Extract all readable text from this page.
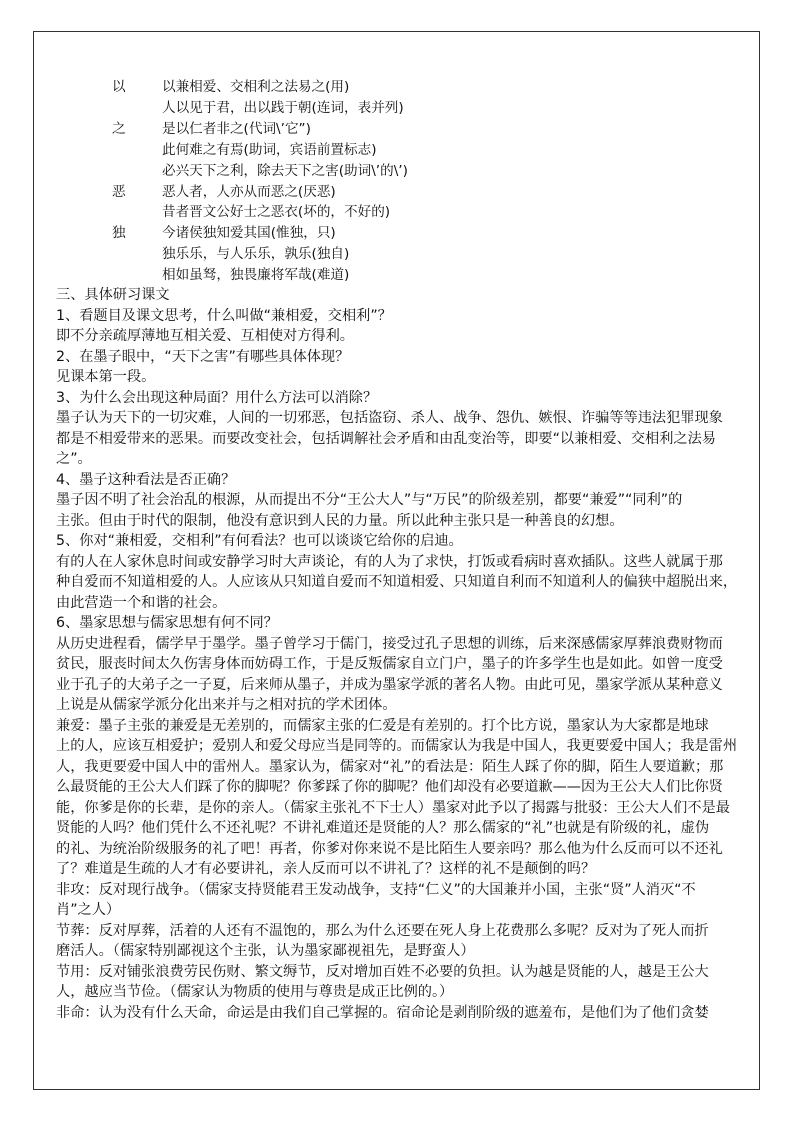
以	以兼相爱、交相利之法易之(用)
人以见于君，出以践于朝(连词，表并列)
之	是以仁者非之(代词\’它”)
此何难之有焉(助词，宾语前置标志)
必兴天下之利，除去天下之害(助词\’的\’)
恶	恶人者，人亦从而恶之(厌恶)
昔者晋文公好士之恶衣(坏的，不好的)
独	今诸侯独知爱其国(惟独，只)
独乐乐，与人乐乐，孰乐(独自)
相如虽驽，独畏廉将军哉(难道)
三、具体研习课文
1、看题目及课文思考，什么叫做“兼相爱，交相利”？
即不分亲疏厚薄地互相关爱、互相使对方得利。
2、在墨子眼中，“天下之害”有哪些具体体现？
见课本第一段。
3、为什么会出现这种局面？用什么方法可以消除？
墨子认为天下的一切灾难，人间的一切邪恶，包括盗窃、杀人、战争、怨仇、嫉恨、诈骗等等违法犯罪现象
都是不相爱带来的恶果。而要改变社会，包括调解社会矛盾和由乱变治等，即要“以兼相爱、交相利之法易
之”。
4、墨子这种看法是否正确？
墨子因不明了社会治乱的根源，从而提出不分“王公大人”与“万民”的阶级差别，都要“兼爱”“同利”的
主张。但由于时代的限制，他没有意识到人民的力量。所以此种主张只是一种善良的幻想。
5、你对“兼相爱，交相利”有何看法？也可以谈谈它给你的启迪。
有的人在人家休息时间或安静学习时大声谈论，有的人为了求快，打饭或看病时喜欢插队。这些人就属于那
种自爱而不知道相爱的人。人应该从只知道自爱而不知道相爱、只知道自利而不知道利人的偏狭中超脱出来，
由此营造一个和谐的社会。
6、墨家思想与儒家思想有何不同？
从历史进程看，儒学早于墨学。墨子曾学习于儒门，接受过孔子思想的训练，后来深感儒家厚葬浪费财物而
贫民，服丧时间太久伤害身体而妨碍工作，于是反叛儒家自立门户，墨子的许多学生也是如此。如曾一度受
业于孔子的大弟子之一子夏，后来师从墨子，并成为墨家学派的著名人物。由此可见，墨家学派从某种意义
上说是从儒家学派分化出来并与之相对抗的学术团体。
兼爱：墨子主张的兼爱是无差别的，而儒家主张的仁爱是有差别的。打个比方说，墨家认为大家都是地球
上的人，应该互相爱护；爱别人和爱父母应当是同等的。而儒家认为我是中国人，我更要爱中国人；我是雷州
人，我更要爱中国人中的雷州人。墨家认为，儒家对“礼”的看法是：陌生人踩了你的脚，陌生人要道歉；那
么最贤能的王公大人们踩了你的脚呢？你爹踩了你的脚呢？他们却没有必要道歉——因为王公大人们比你贤
能，你爹是你的长辈，是你的亲人。（儒家主张礼不下士人）墨家对此予以了揭露与批驳：王公大人们不是最
贤能的人吗？他们凭什么不还礼呢？不讲礼难道还是贤能的人？那么儒家的“礼”也就是有阶级的礼，虚伪
的礼、为统治阶级服务的礼了吧！再者，你爹对你来说不是比陌生人要亲吗？那么他为什么反而可以不还礼
了？难道是生疏的人才有必要讲礼，亲人反而可以不讲礼了？这样的礼不是颠倒的吗？
非攻：反对现行战争。（儒家支持贤能君王发动战争，支持“仁义”的大国兼并小国，主张“贤”人消灭“不
肖”之人）
节葬：反对厚葬，活着的人还有不温饱的，那么为什么还要在死人身上花费那么多呢？反对为了死人而折
磨活人。（儒家特别鄙视这个主张，认为墨家鄙视祖先，是野蛮人）
节用：反对铺张浪费劳民伤财、繁文缛节，反对增加百姓不必要的负担。认为越是贤能的人，越是王公大
人，越应当节俭。（儒家认为物质的使用与尊贵是成正比例的。）
非命：认为没有什么天命，命运是由我们自己掌握的。宿命论是剥削阶级的遮羞布，是他们为了他们贪婪
